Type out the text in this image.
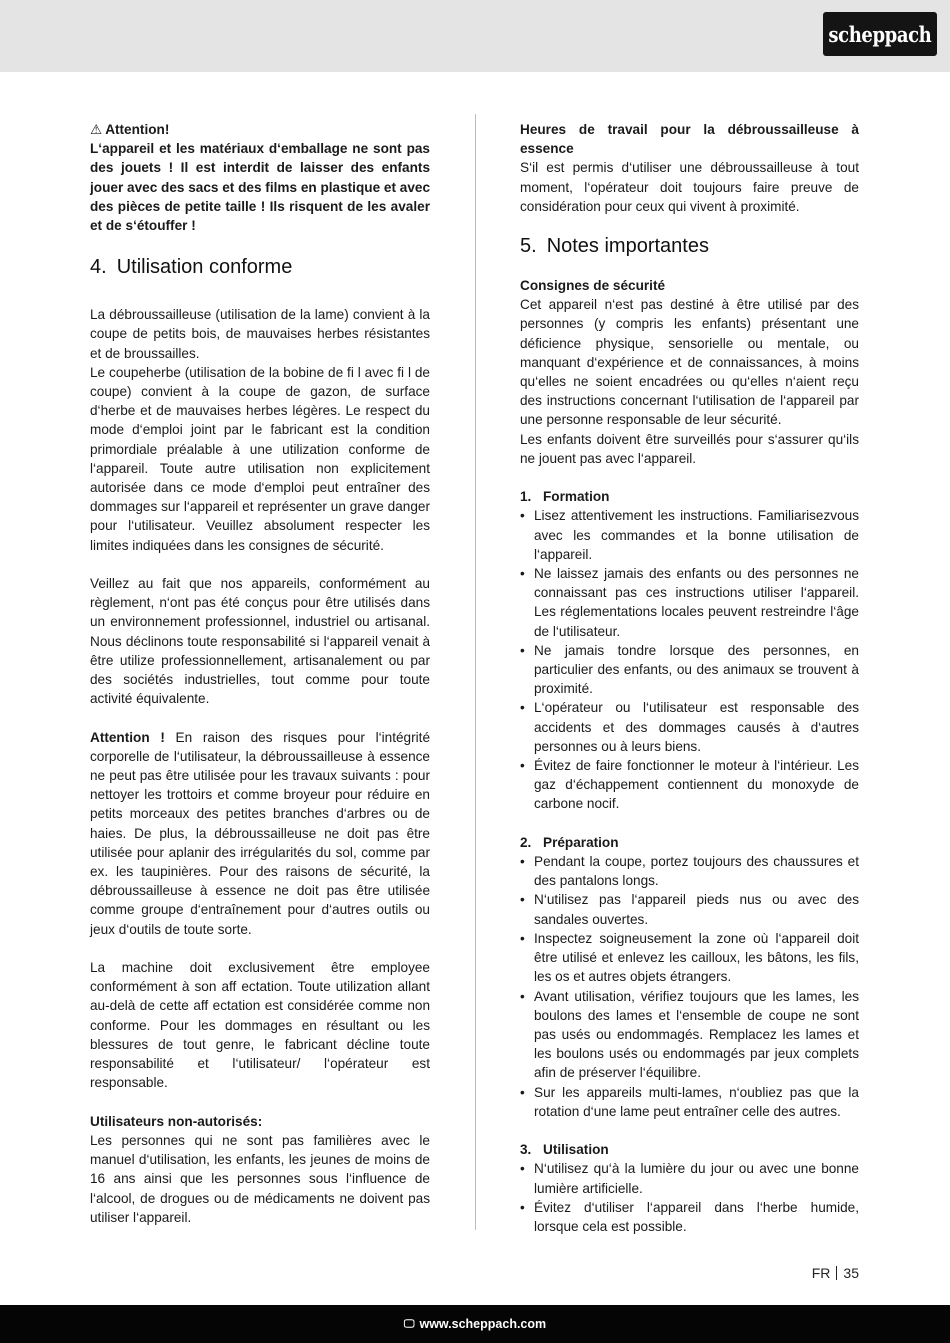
scheppach

⚠ Attention!

L‘appareil et les matériaux d‘emballage ne sont pas des jouets ! Il est interdit de laisser des enfants jouer avec des sacs et des films en plastique et avec des pièces de petite taille ! Ils risquent de les avaler et de s‘étouffer !

4. Utilisation conforme

La débroussailleuse (utilisation de la lame) convient à la coupe de petits bois, de mauvaises herbes résistantes et de broussailles.

Le coupeherbe (utilisation de la bobine de fi l avec fi l de coupe) convient à la coupe de gazon, de surface d‘herbe et de mauvaises herbes légères. Le respect du mode d‘emploi joint par le fabricant est la condition primordiale préalable à une utilization conforme de l‘appareil. Toute autre utilisation non explicitement autorisée dans ce mode d‘emploi peut entraîner des dommages sur l‘appareil et représenter un grave danger pour l‘utilisateur. Veuillez absolument respecter les limites indiquées dans les consignes de sécurité.

Veillez au fait que nos appareils, conformément au règlement, n‘ont pas été conçus pour être utilisés dans un environnement professionnel, industriel ou artisanal. Nous déclinons toute responsabilité si l‘appareil venait à être utilize professionnellement, artisanalement ou par des sociétés industrielles, tout comme pour toute activité équivalente.

Attention ! En raison des risques pour l‘intégrité corporelle de l‘utilisateur, la débroussailleuse à essence ne peut pas être utilisée pour les travaux suivants : pour nettoyer les trottoirs et comme broyeur pour réduire en petits morceaux des petites branches d‘arbres ou de haies. De plus, la débroussailleuse ne doit pas être utilisée pour aplanir des irrégularités du sol, comme par ex. les taupinières. Pour des raisons de sécurité, la débroussailleuse à essence ne doit pas être utilisée comme groupe d‘entraînement pour d‘autres outils ou jeux d‘outils de toute sorte.

La machine doit exclusivement être employee conformément à son aff ectation. Toute utilization allant au-delà de cette aff ectation est considérée comme non conforme. Pour les dommages en résultant ou les blessures de tout genre, le fabricant décline toute responsabilité et l‘utilisateur/ l‘opérateur est responsable.

Utilisateurs non-autorisés:

Les personnes qui ne sont pas familières avec le manuel d‘utilisation, les enfants, les jeunes de moins de 16 ans ainsi que les personnes sous l‘influence de l‘alcool, de drogues ou de médicaments ne doivent pas utiliser l‘appareil.

Heures de travail pour la débroussailleuse à essence

S‘il est permis d‘utiliser une débroussailleuse à tout moment, l‘opérateur doit toujours faire preuve de considération pour ceux qui vivent à proximité.

5. Notes importantes

Consignes de sécurité

Cet appareil n‘est pas destiné à être utilisé par des personnes (y compris les enfants) présentant une déficience physique, sensorielle ou mentale, ou manquant d‘expérience et de connaissances, à moins qu‘elles ne soient encadrées ou qu‘elles n‘aient reçu des instructions concernant l‘utilisation de l‘appareil par une personne responsable de leur sécurité.

Les enfants doivent être surveillés pour s‘assurer qu‘ils ne jouent pas avec l‘appareil.

1. Formation

• Lisez attentivement les instructions. Familiarisezvous avec les commandes et la bonne utilisation de l‘appareil.
• Ne laissez jamais des enfants ou des personnes ne connaissant pas ces instructions utiliser l‘appareil. Les réglementations locales peuvent restreindre l‘âge de l‘utilisateur.
• Ne jamais tondre lorsque des personnes, en particulier des enfants, ou des animaux se trouvent à proximité.
• L‘opérateur ou l‘utilisateur est responsable des accidents et des dommages causés à d‘autres personnes ou à leurs biens.
• Évitez de faire fonctionner le moteur à l‘intérieur. Les gaz d‘échappement contiennent du monoxyde de carbone nocif.

2. Préparation

• Pendant la coupe, portez toujours des chaussures et des pantalons longs.
• N‘utilisez pas l‘appareil pieds nus ou avec des sandales ouvertes.
• Inspectez soigneusement la zone où l‘appareil doit être utilisé et enlevez les cailloux, les bâtons, les fils, les os et autres objets étrangers.
• Avant utilisation, vérifiez toujours que les lames, les boulons des lames et l‘ensemble de coupe ne sont pas usés ou endommagés. Remplacez les lames et les boulons usés ou endommagés par jeux complets afin de préserver l‘équilibre.
• Sur les appareils multi-lames, n‘oubliez pas que la rotation d‘une lame peut entraîner celle des autres.

3. Utilisation

• N‘utilisez qu‘à la lumière du jour ou avec une bonne lumière artificielle.
• Évitez d‘utiliser l‘appareil dans l‘herbe humide, lorsque cela est possible.
FR 35
🖵 www.scheppach.com
